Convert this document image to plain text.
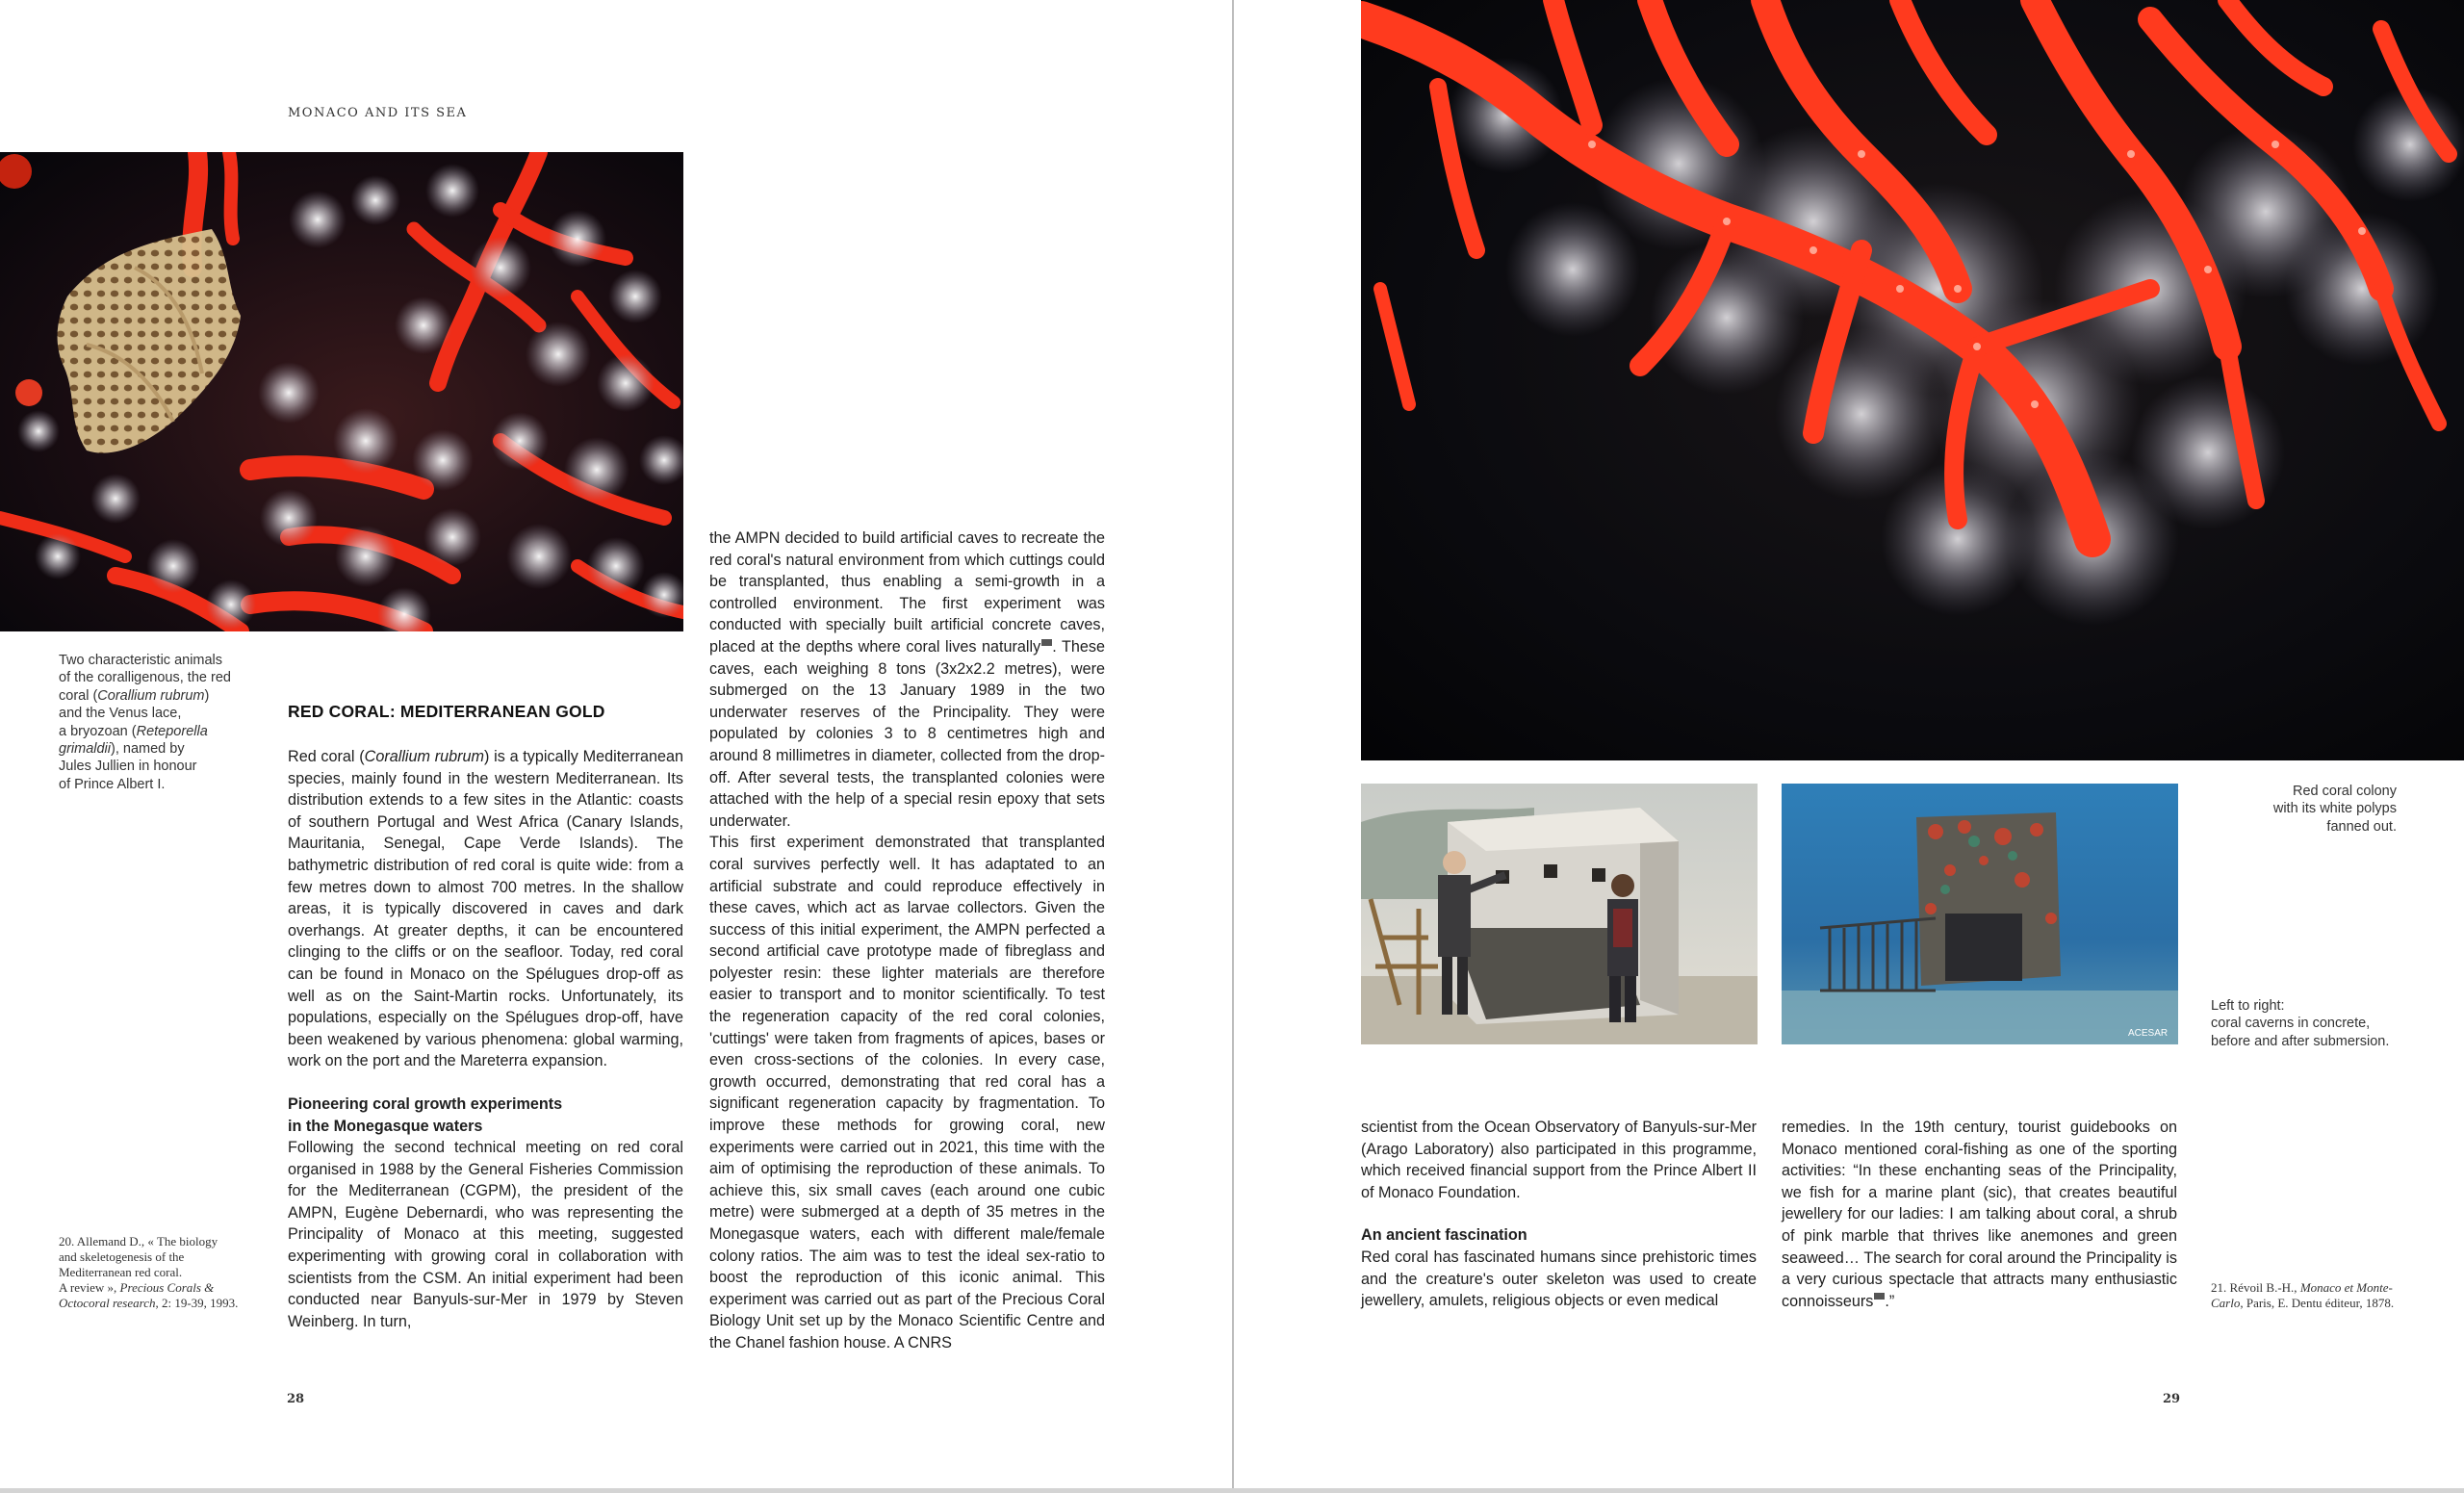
MONACO AND ITS SEA
Two characteristic animals
of the coralligenous, the red
coral (Corallium rubrum)
and the Venus lace,
a bryozoan (Reteporella
grimaldii), named by
Jules Jullien in honour
of Prince Albert I.
RED CORAL: MEDITERRANEAN GOLD

Red coral (Corallium rubrum) is a typically Mediterranean species, mainly found in the western Mediterranean. Its distribution extends to a few sites in the Atlantic: coasts of southern Portugal and West Africa (Canary Islands, Mauritania, Senegal, Cape Verde Islands). The bathymetric distribution of red coral is quite wide: from a few metres down to almost 700 metres. In the shallow areas, it is typically discovered in caves and dark overhangs. At greater depths, it can be encountered clinging to the cliffs or on the seafloor. Today, red coral can be found in Monaco on the Spélugues drop-off as well as on the Saint-Martin rocks. Unfortunately, its populations, especially on the Spélugues drop-off, have been weakened by various phenomena: global warming, work on the port and the Mareterra expansion.

Pioneering coral growth experiments
in the Monegasque waters

Following the second technical meeting on red coral organised in 1988 by the General Fisheries Commission for the Mediterranean (CGPM), the president of the AMPN, Eugène Debernardi, who was representing the Principality of Monaco at this meeting, suggested experimenting with growing coral in collaboration with scientists from the CSM. An initial experiment had been conducted near Banyuls-sur-Mer in 1979 by Steven Weinberg. In turn,

the AMPN decided to build artificial caves to recreate the red coral's natural environment from which cuttings could be transplanted, thus enabling a semi-growth in a controlled environment. The first experiment was conducted with specially built artificial concrete caves, placed at the depths where coral lives naturally . These caves, each weighing 8 tons (3x2x2.2 metres), were submerged on the 13 January 1989 in the two underwater reserves of the Principality. They were populated by colonies 3 to 8 centimetres high and around 8 millimetres in diameter, collected from the drop-off. After several tests, the transplanted colonies were attached with the help of a special resin epoxy that sets underwater.

This first experiment demonstrated that transplanted coral survives perfectly well. It has adaptated to an artificial substrate and could reproduce effectively in these caves, which act as larvae collectors. Given the success of this initial experiment, the AMPN perfected a second artificial cave prototype made of fibreglass and polyester resin: these lighter materials are therefore easier to transport and to monitor scientifically. To test the regeneration capacity of the red coral colonies, 'cuttings' were taken from fragments of apices, bases or even cross-sections of the colonies. In every case, growth occurred, demonstrating that red coral has a significant regeneration capacity by fragmentation. To improve these methods for growing coral, new experiments were carried out in 2021, this time with the aim of optimising the reproduction of these animals. To achieve this, six small caves (each around one cubic metre) were submerged at a depth of 35 metres in the Monegasque waters, each with different male/female colony ratios. The aim was to test the ideal sex-ratio to boost the reproduction of this iconic animal. This experiment was carried out as part of the Precious Coral Biology Unit set up by the Monaco Scientific Centre and the Chanel fashion house. A CNRS

20. Allemand D., « The biology
and skeletogenesis of the
Mediterranean red coral.
A review », Precious Corals &
Octocoral research, 2: 19-39, 1993.
28
ACESAR
Red coral colony
with its white polyps
fanned out.
Left to right:
coral caverns in concrete,
before and after submersion.

scientist from the Ocean Observatory of Banyuls-sur-Mer (Arago Laboratory) also participated in this programme, which received financial support from the Prince Albert II of Monaco Foundation.

An ancient fascination

Red coral has fascinated humans since prehistoric times and the creature's outer skeleton was used to create jewellery, amulets, religious objects or even medical

remedies. In the 19th century, tourist guidebooks on Monaco mentioned coral-fishing as one of the sporting activities: “In these enchanting seas of the Principality, we fish for a marine plant (sic), that creates beautiful jewellery for our ladies: I am talking about coral, a shrub of pink marble that thrives like anemones and green seaweed… The search for coral around the Principality is a very curious spectacle that attracts many enthusiastic connoisseurs .”

21. Révoil B.-H., Monaco et Monte-
Carlo, Paris, E. Dentu éditeur, 1878.
29
